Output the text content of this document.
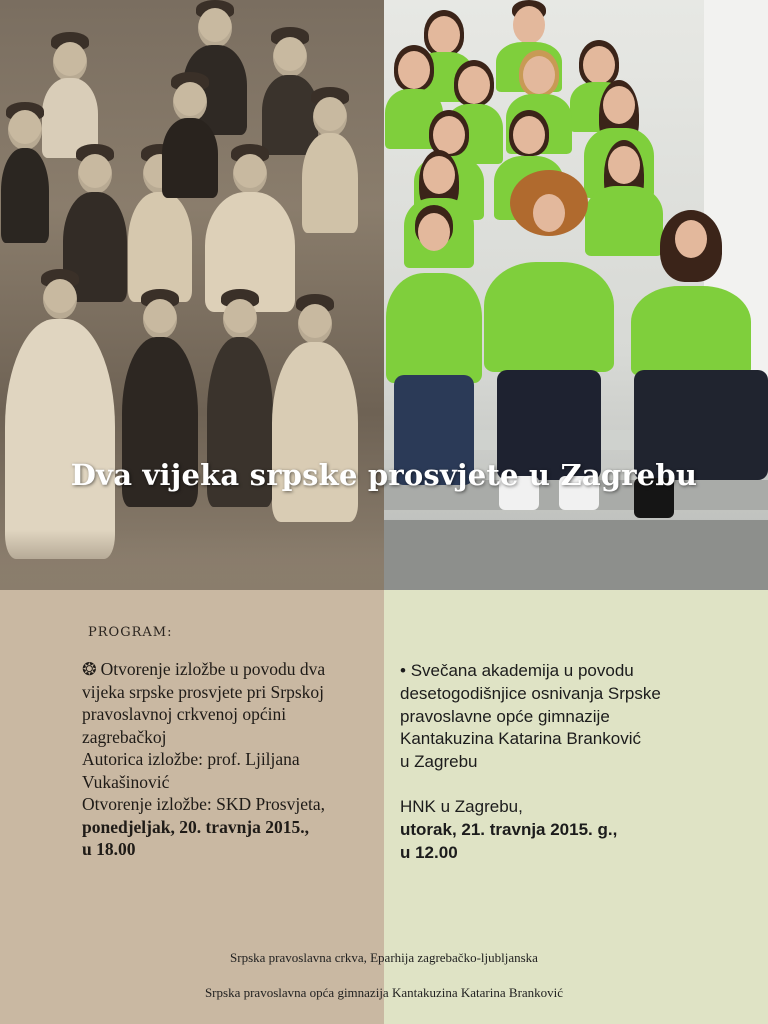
Dva vijeka srpske prosvjete u Zagrebu
PROGRAM:
❂ Otvorenje izložbe u povodu dva
vijeka srpske prosvjete pri Srpskoj
pravoslavnoj crkvenoj općini
zagrebačkoj
Autorica izložbe: prof. Ljiljana
Vukašinović
Otvorenje izložbe: SKD Prosvjeta,
ponedjeljak, 20. travnja 2015.,
u 18.00
• Svečana akademija u povodu
desetogodišnjice osnivanja Srpske
pravoslavne opće gimnazije
Kantakuzina Katarina Branković
u Zagrebu
HNK u Zagrebu,
utorak, 21. travnja 2015. g.,
u 12.00
Srpska pravoslavna crkva, Eparhija zagrebačko-ljubljanska
Srpska pravoslavna opća gimnazija Kantakuzina Katarina Branković
